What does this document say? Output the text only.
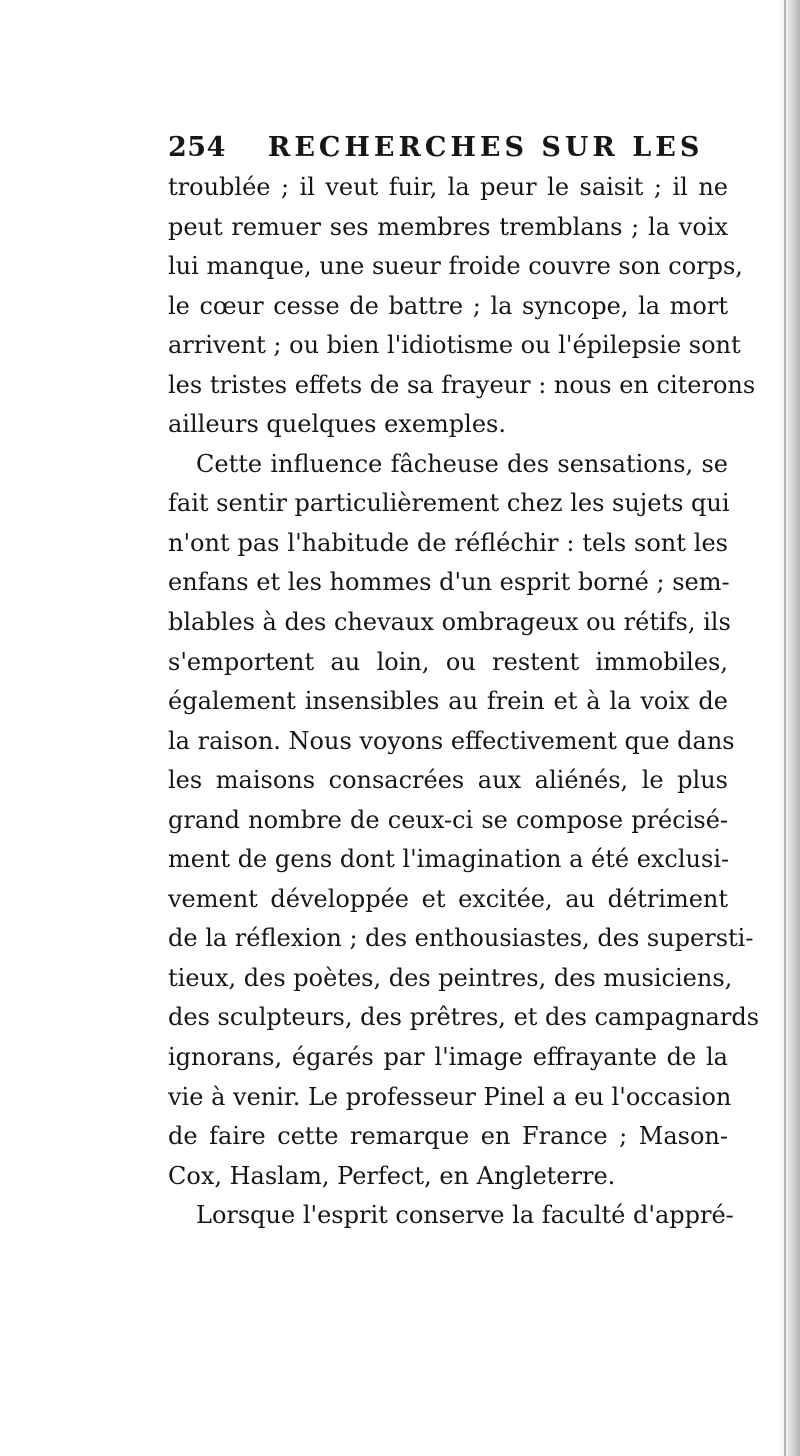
254 RECHERCHES SUR LES
troublée ; il veut fuir, la peur le saisit ; il ne
peut remuer ses membres tremblans ; la voix
lui manque, une sueur froide couvre son corps,
le cœur cesse de battre ; la syncope, la mort
arrivent ; ou bien l'idiotisme ou l'épilepsie sont
les tristes effets de sa frayeur : nous en citerons
ailleurs quelques exemples.
Cette influence fâcheuse des sensations, se
fait sentir particulièrement chez les sujets qui
n'ont pas l'habitude de réfléchir : tels sont les
enfans et les hommes d'un esprit borné ; sem-
blables à des chevaux ombrageux ou rétifs, ils
s'emportent au loin, ou restent immobiles,
également insensibles au frein et à la voix de
la raison. Nous voyons effectivement que dans
les maisons consacrées aux aliénés, le plus
grand nombre de ceux-ci se compose précisé-
ment de gens dont l'imagination a été exclusi-
vement développée et excitée, au détriment
de la réflexion ; des enthousiastes, des supersti-
tieux, des poètes, des peintres, des musiciens,
des sculpteurs, des prêtres, et des campagnards
ignorans, égarés par l'image effrayante de la
vie à venir. Le professeur Pinel a eu l'occasion
de faire cette remarque en France ; Mason-
Cox, Haslam, Perfect, en Angleterre.
Lorsque l'esprit conserve la faculté d'appré-
